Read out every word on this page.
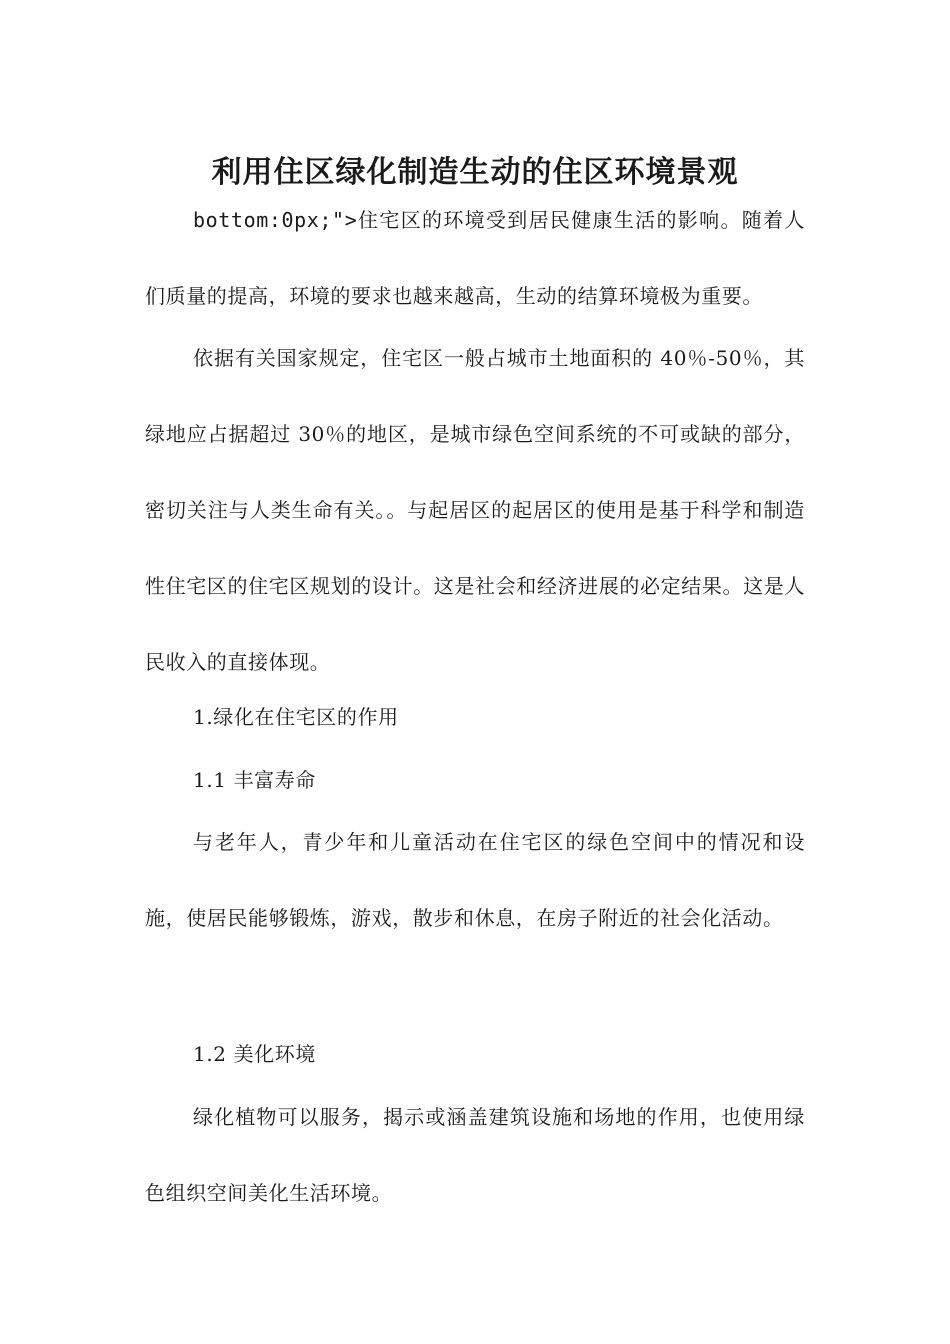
利用住区绿化制造生动的住区环境景观

bottom:0px;">住宅区的环境受到居民健康生活的影响。随着人们质量的提高，环境的要求也越来越高，生动的结算环境极为重要。

依据有关国家规定，住宅区一般占城市土地面积的 40％-50％，其绿地应占据超过 30％的地区，是城市绿色空间系统的不可或缺的部分，密切关注与人类生命有关。。与起居区的起居区的使用是基于科学和制造性住宅区的住宅区规划的设计。这是社会和经济进展的必定结果。这是人民收入的直接体现。

1.绿化在住宅区的作用

1.1 丰富寿命

与老年人，青少年和儿童活动在住宅区的绿色空间中的情况和设施，使居民能够锻炼，游戏，散步和休息，在房子附近的社会化活动。

1.2 美化环境

绿化植物可以服务，揭示或涵盖建筑设施和场地的作用，也使用绿色组织空间美化生活环境。
